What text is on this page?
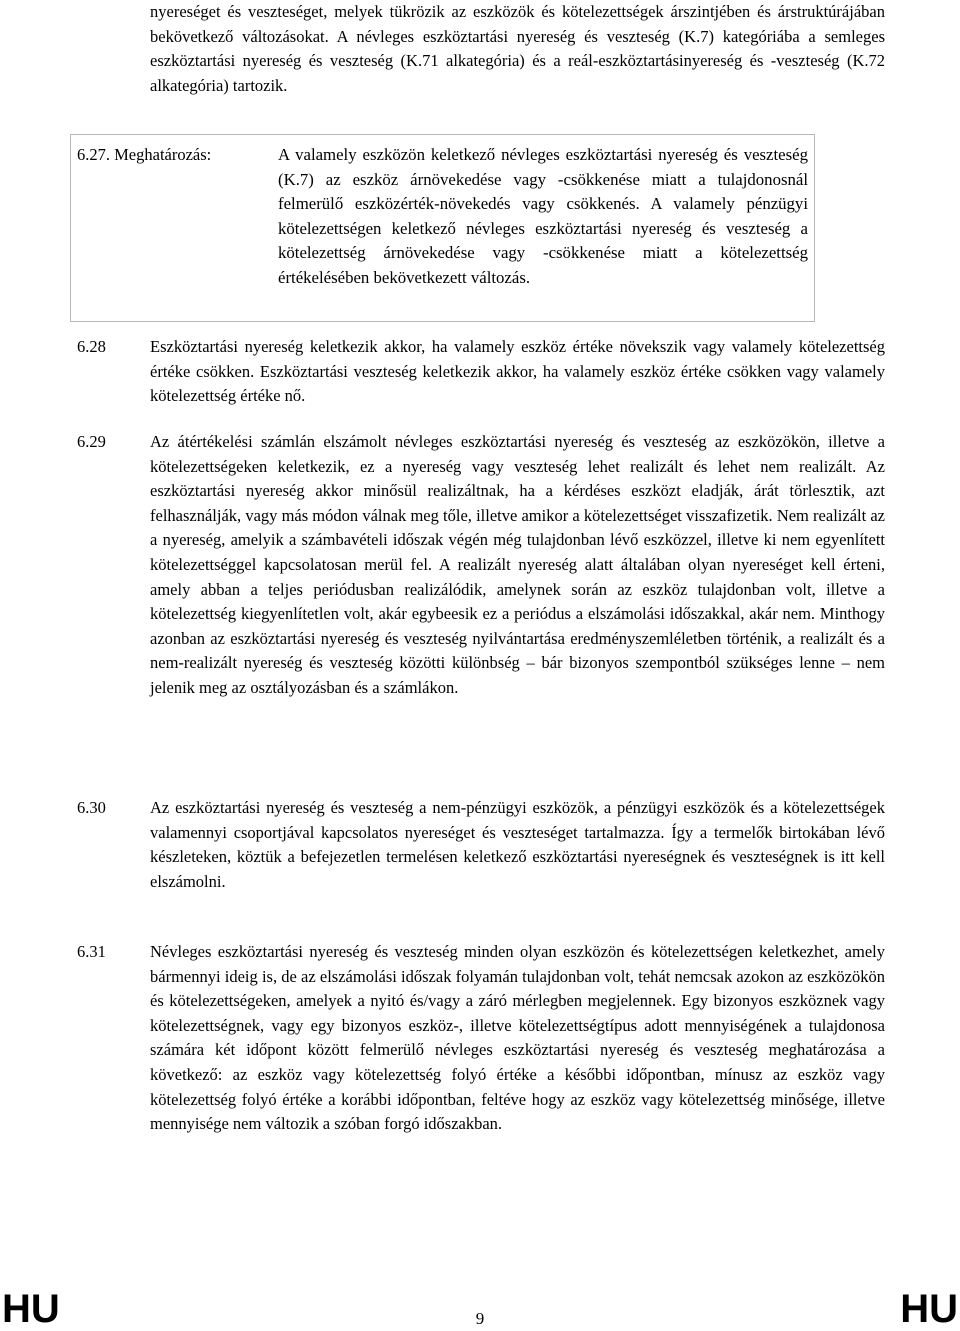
nyereséget és veszteséget, melyek tükrözik az eszközök és kötelezettségek árszintjében és árstruktúrájában bekövetkező változásokat. A névleges eszköztartási nyereség és veszteség (K.7) kategóriába a semleges eszköztartási nyereség és veszteség (K.71 alkategória) és a reál-eszköztartásinyereség és -veszteség (K.72 alkategória) tartozik.
6.27. Meghatározás:	A valamely eszközön keletkező névleges eszköztartási nyereség és veszteség (K.7) az eszköz árnövekedése vagy -csökkenése miatt a tulajdonosnál felmerülő eszközérték-növekedés vagy csökkenés. A valamely pénzügyi kötelezettségen keletkező névleges eszköztartási nyereség és veszteség a kötelezettség árnövekedése vagy -csökkenése miatt a kötelezettség értékelésében bekövetkezett változás.
6.28	Eszköztartási nyereség keletkezik akkor, ha valamely eszköz értéke növekszik vagy valamely kötelezettség értéke csökken. Eszköztartási veszteség keletkezik akkor, ha valamely eszköz értéke csökken vagy valamely kötelezettség értéke nő.
6.29	Az átértékelési számlán elszámolt névleges eszköztartási nyereség és veszteség az eszközökön, illetve a kötelezettségeken keletkezik, ez a nyereség vagy veszteség lehet realizált és lehet nem realizált. Az eszköztartási nyereség akkor minősül realizáltnak, ha a kérdéses eszközt eladják, árát törlesztik, azt felhasználják, vagy más módon válnak meg tőle, illetve amikor a kötelezettséget visszafizetik. Nem realizált az a nyereség, amelyik a számbavételi időszak végén még tulajdonban lévő eszközzel, illetve ki nem egyenlített kötelezettséggel kapcsolatosan merül fel. A realizált nyereség alatt általában olyan nyereséget kell érteni, amely abban a teljes periódusban realizálódik, amelynek során az eszköz tulajdonban volt, illetve a kötelezettség kiegyenlítetlen volt, akár egybeesik ez a periódus a elszámolási időszakkal, akár nem. Minthogy azonban az eszköztartási nyereség és veszteség nyilvántartása eredményszemléletben történik, a realizált és a nem-realizált nyereség és veszteség közötti különbség – bár bizonyos szempontból szükséges lenne – nem jelenik meg az osztályozásban és a számlákon.
6.30	Az eszköztartási nyereség és veszteség a nem-pénzügyi eszközök, a pénzügyi eszközök és a kötelezettségek valamennyi csoportjával kapcsolatos nyereséget és veszteséget tartalmazza. Így a termelők birtokában lévő készleteken, köztük a befejezetlen termelésen keletkező eszköztartási nyereségnek és veszteségnek is itt kell elszámolni.
6.31	Névleges eszköztartási nyereség és veszteség minden olyan eszközön és kötelezettségen keletkezhet, amely bármennyi ideig is, de az elszámolási időszak folyamán tulajdonban volt, tehát nemcsak azokon az eszközökön és kötelezettségeken, amelyek a nyitó és/vagy a záró mérlegben megjelennek. Egy bizonyos eszköznek vagy kötelezettségnek, vagy egy bizonyos eszköz-, illetve kötelezettségtípus adott mennyiségének a tulajdonosa számára két időpont között felmerülő névleges eszköztartási nyereség és veszteség meghatározása a következő: az eszköz vagy kötelezettség folyó értéke a későbbi időpontban, mínusz az eszköz vagy kötelezettség folyó értéke a korábbi időpontban, feltéve hogy az eszköz vagy kötelezettség minősége, illetve mennyisége nem változik a szóban forgó időszakban.
HU	9	HU
